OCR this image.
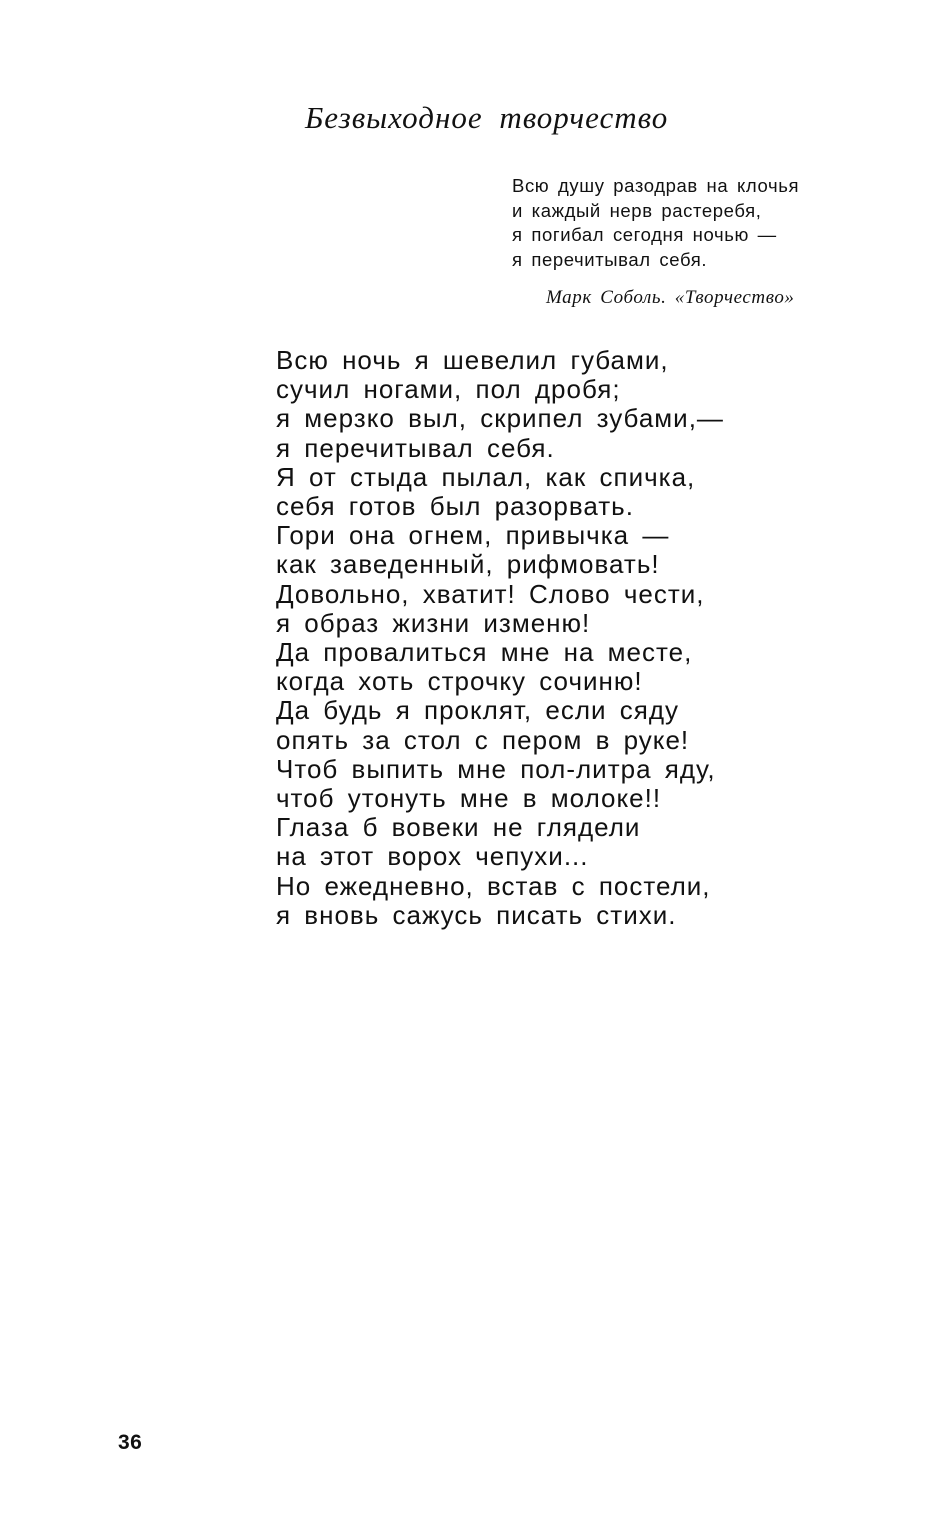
Безвыходное творчество
Всю душу разодрав на клочья
и каждый нерв растеребя,
я погибал сегодня ночью —
я перечитывал себя.
Марк Соболь. «Творчество»
Всю ночь я шевелил губами,
сучил ногами, пол дробя;
я мерзко выл, скрипел зубами,—
я перечитывал себя.
Я от стыда пылал, как спичка,
себя готов был разорвать.
Гори она огнем, привычка —
как заведенный, рифмовать!
Довольно, хватит! Слово чести,
я образ жизни изменю!
Да провалиться мне на месте,
когда хоть строчку сочиню!
Да будь я проклят, если сяду
опять за стол с пером в руке!
Чтоб выпить мне пол-литра яду,
чтоб утонуть мне в молоке!!
Глаза б вовеки не глядели
на этот ворох чепухи...
Но ежедневно, встав с постели,
я вновь сажусь писать стихи.
36
